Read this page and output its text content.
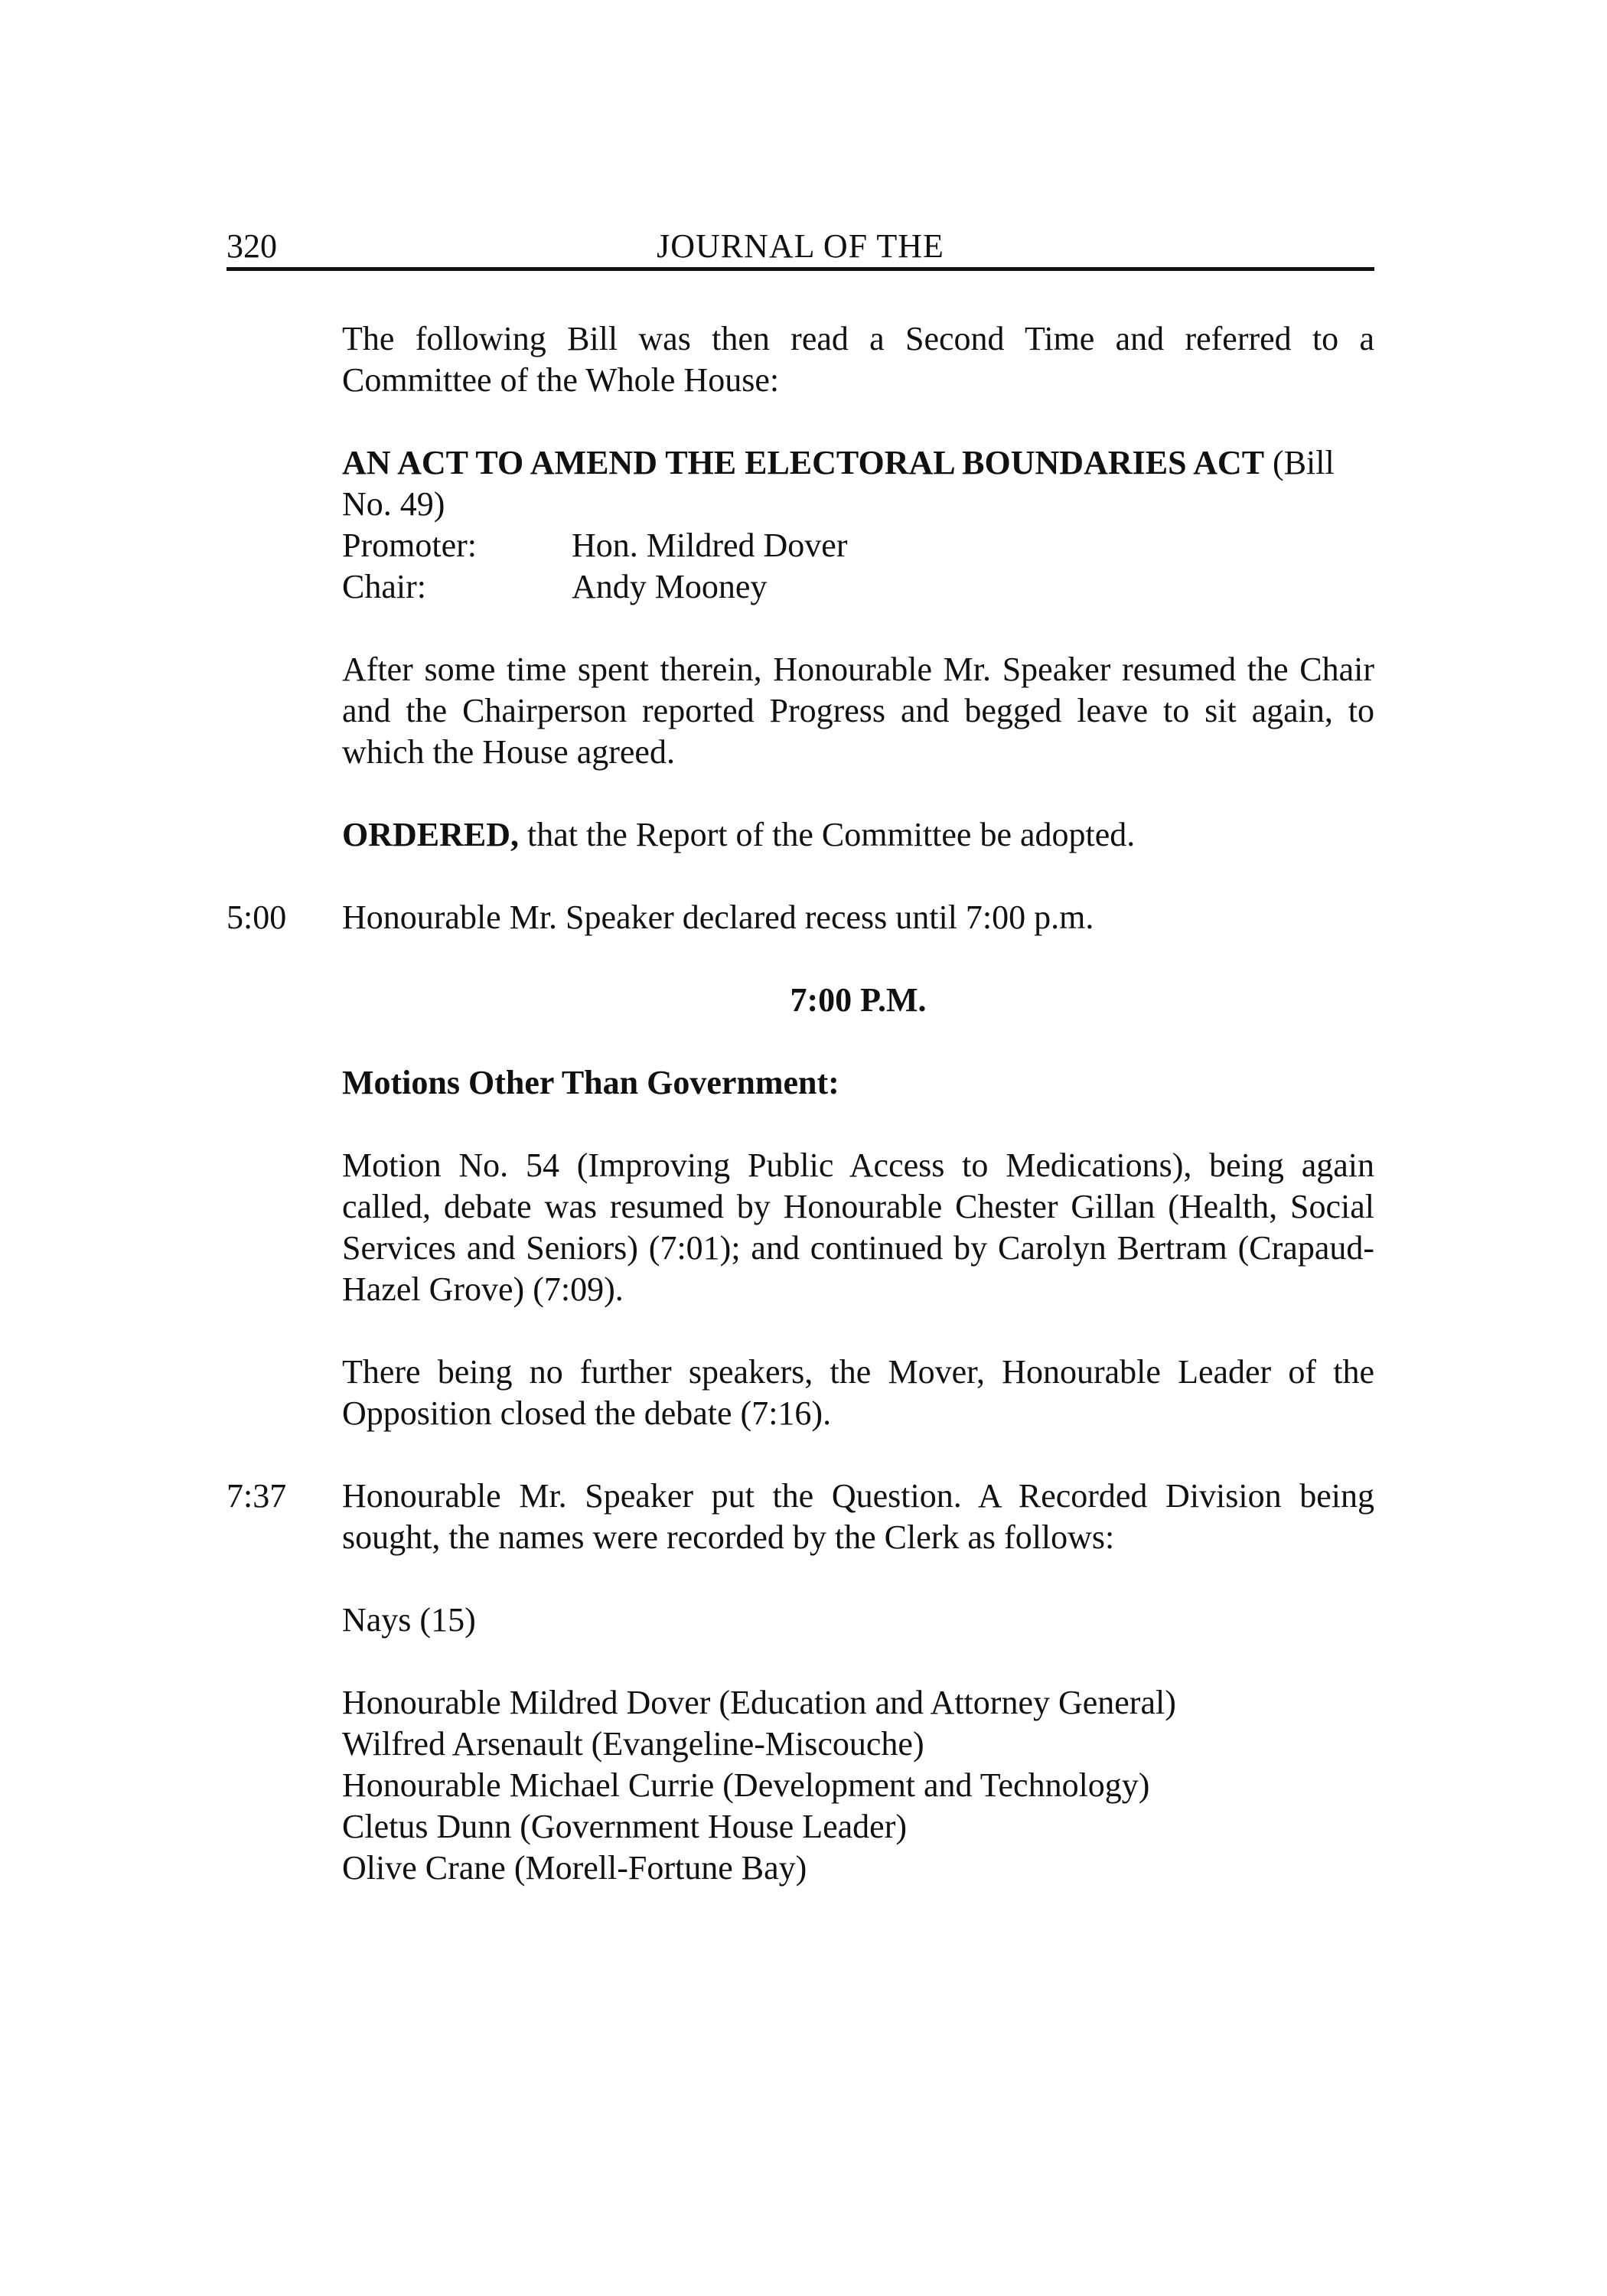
320	JOURNAL OF THE

The following Bill was then read a Second Time and referred to a Committee of the Whole House:

AN ACT TO AMEND THE ELECTORAL BOUNDARIES ACT (Bill No. 49)
Promoter:	Hon. Mildred Dover
Chair:	Andy Mooney

After some time spent therein, Honourable Mr. Speaker resumed the Chair and the Chairperson reported Progress and begged leave to sit again, to which the House agreed.

ORDERED, that the Report of the Committee be adopted.

5:00 Honourable Mr. Speaker declared recess until 7:00 p.m.
7:00 P.M.
Motions Other Than Government:

Motion No. 54 (Improving Public Access to Medications), being again called, debate was resumed by Honourable Chester Gillan (Health, Social Services and Seniors) (7:01); and continued by Carolyn Bertram (Crapaud-Hazel Grove) (7:09).

There being no further speakers, the Mover, Honourable Leader of the Opposition closed the debate (7:16).

7:37 Honourable Mr. Speaker put the Question. A Recorded Division being sought, the names were recorded by the Clerk as follows:
Nays (15)
Honourable Mildred Dover (Education and Attorney General)
Wilfred Arsenault (Evangeline-Miscouche)
Honourable Michael Currie (Development and Technology)
Cletus Dunn (Government House Leader)
Olive Crane (Morell-Fortune Bay)
